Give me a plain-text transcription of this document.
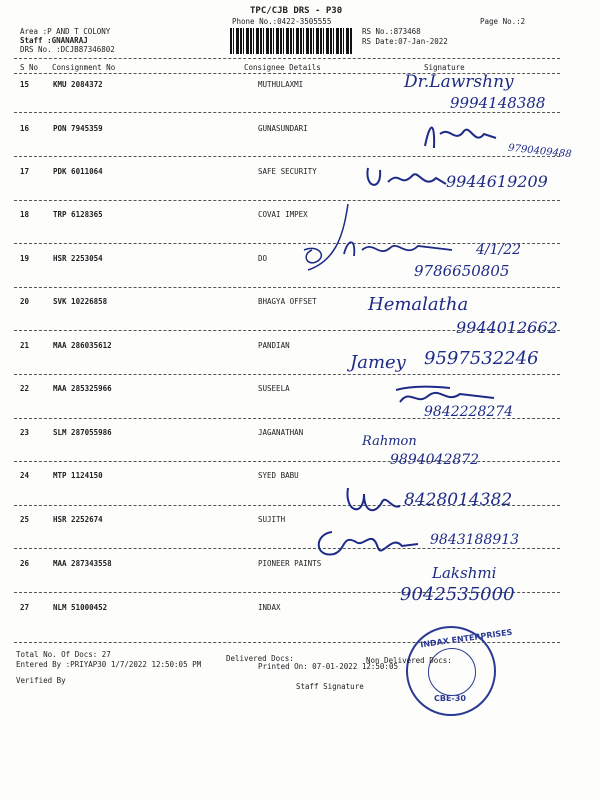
TPC/CJB DRS - P30
Phone No.:0422-3505555	Page No.:2
Area :P AND T COLONY
Staff :GNANARAJ
DRS No. :DCJB87346802
RS No.:873468
RS Date:07-Jan-2022
S No Consignment No	Consignee Details	Signature
15	KMU 2084372	MUTHULAXMI
16	PON 7945359	GUNASUNDARI
17	PDK 6011064	SAFE SECURITY
18	TRP 6128365	COVAI IMPEX
19	HSR 2253054	DO
20	SVK 10226858	BHAGYA OFFSET
21	MAA 286035612	PANDIAN
22	MAA 285325966	SUSEELA
23	SLM 287055986	JAGANATHAN
24	MTP 1124150	SYED BABU
25	HSR 2252674	SUJITH
26	MAA 287343558	PIONEER PAINTS
27	NLM 51000452	INDAX
Dr.Lawrshny
9994148388
9790409488
9944619209
4/1/22
9786650805
Hemalatha
9944012662
Jamey 9597532246
9842228274
Rahmon
9894042872
8428014382
9843188913
Lakshmi
9042535000
INDAX ENTERPRISES
CBE-30
Total No. Of Docs: 27	Delivered Docs:	Non Delivered Docs:
Entered By :PRIYAP30 1/7/2022 12:50:05 PM	Printed On: 07-01-2022 12:50:05
Verified By
Staff Signature
